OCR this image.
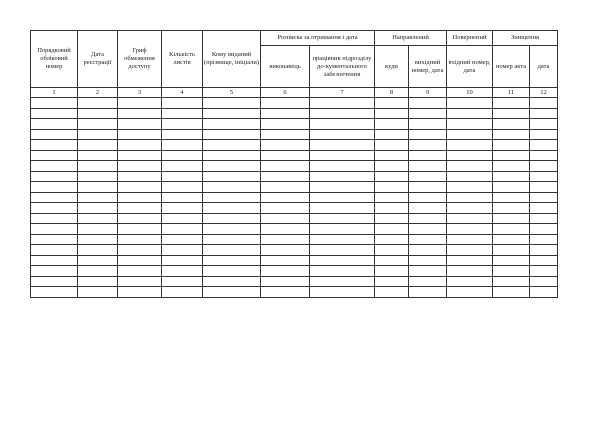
Порядковий обліковий номер	Дата реєстрації	Гриф обмеження доступу	Кількість листів	Кому виданий (прізвище, ініціали)	Розписка за отримання і дата		Направлений		Повернений	Знищення	
					виконавець	працівник підрозділу до-кументального забезпечення	куди	вихідний номер, дата	вхідний номер, дата	номер акта	дата
1	2	3	4	5	6	7	8	9	10	11	12
